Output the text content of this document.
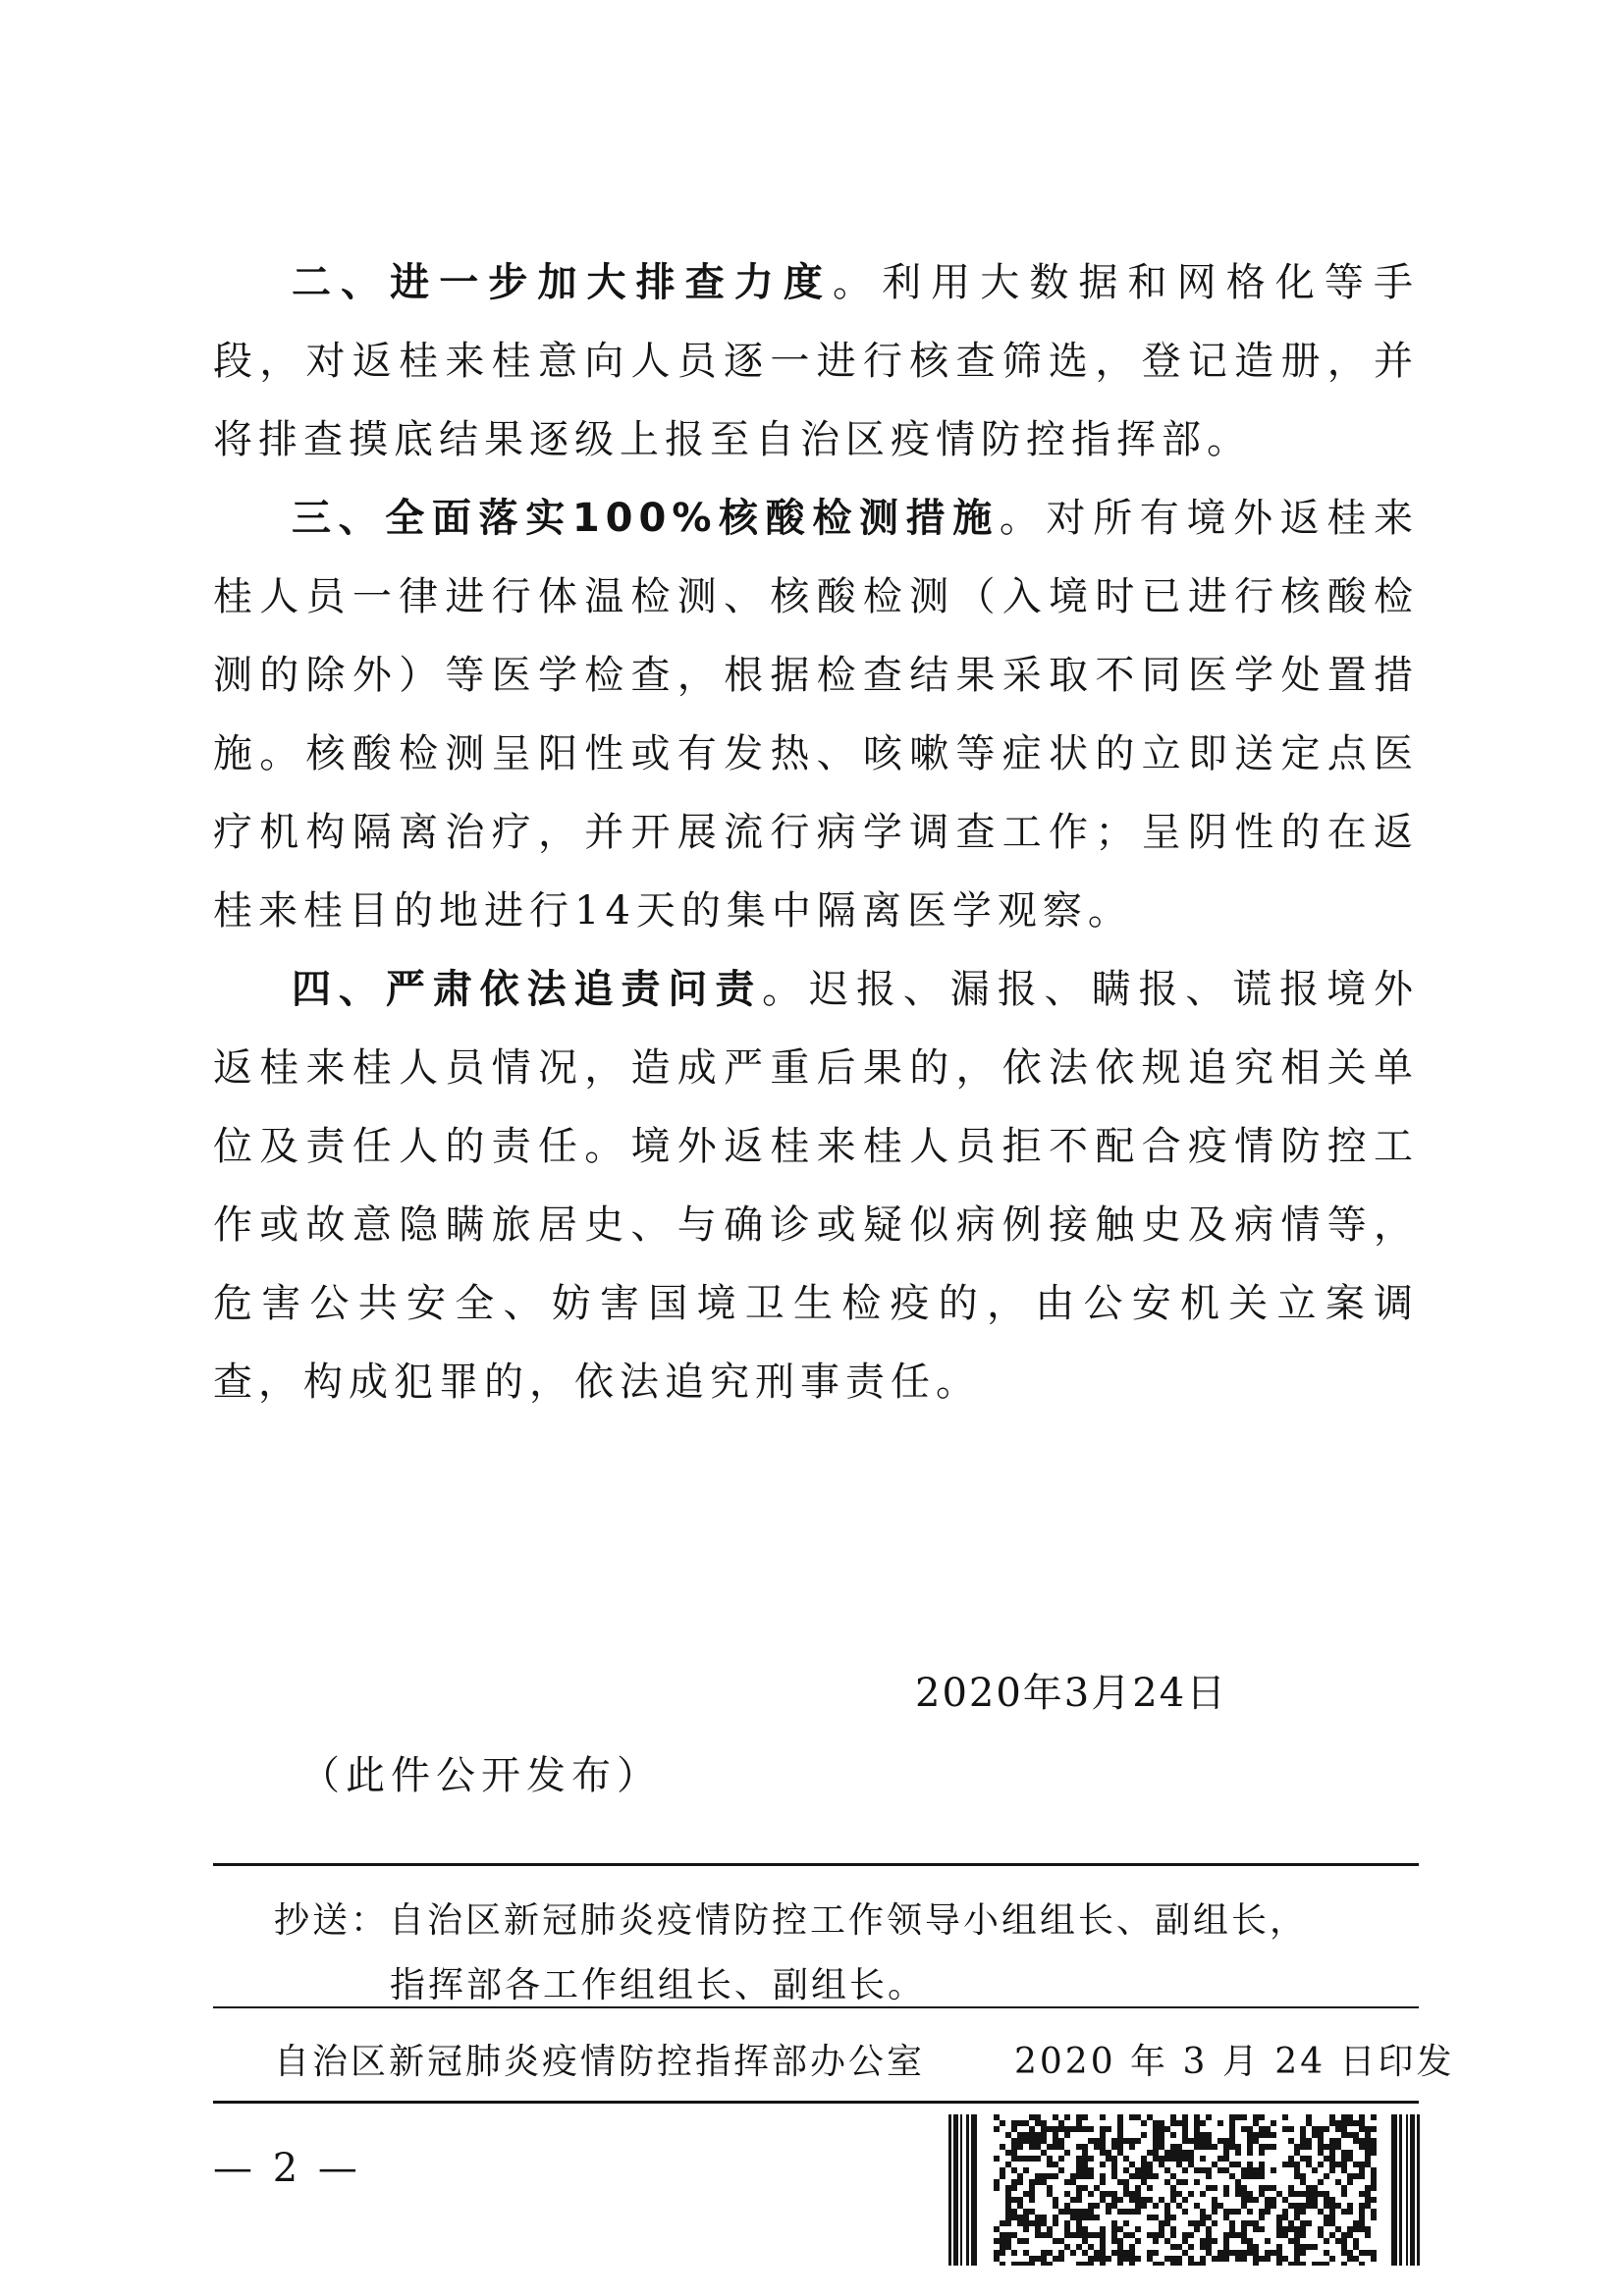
二、进一步加大排查力度。利用大数据和网格化等手段，对返桂来桂意向人员逐一进行核查筛选，登记造册，并将排查摸底结果逐级上报至自治区疫情防控指挥部。

三、全面落实100%核酸检测措施。对所有境外返桂来桂人员一律进行体温检测、核酸检测（入境时已进行核酸检测的除外）等医学检查，根据检查结果采取不同医学处置措施。核酸检测呈阳性或有发热、咳嗽等症状的立即送定点医疗机构隔离治疗，并开展流行病学调查工作；呈阴性的在返桂来桂目的地进行14天的集中隔离医学观察。

四、严肃依法追责问责。迟报、漏报、瞒报、谎报境外返桂来桂人员情况，造成严重后果的，依法依规追究相关单位及责任人的责任。境外返桂来桂人员拒不配合疫情防控工作或故意隐瞒旅居史、与确诊或疑似病例接触史及病情等，危害公共安全、妨害国境卫生检疫的，由公安机关立案调查，构成犯罪的，依法追究刑事责任。

2020年3月24日
（此件公开发布）
抄送：自治区新冠肺炎疫情防控工作领导小组组长、副组长，
指挥部各工作组组长、副组长。
自治区新冠肺炎疫情防控指挥部办公室	2020 年 3 月 24 日印发
— 2 —
